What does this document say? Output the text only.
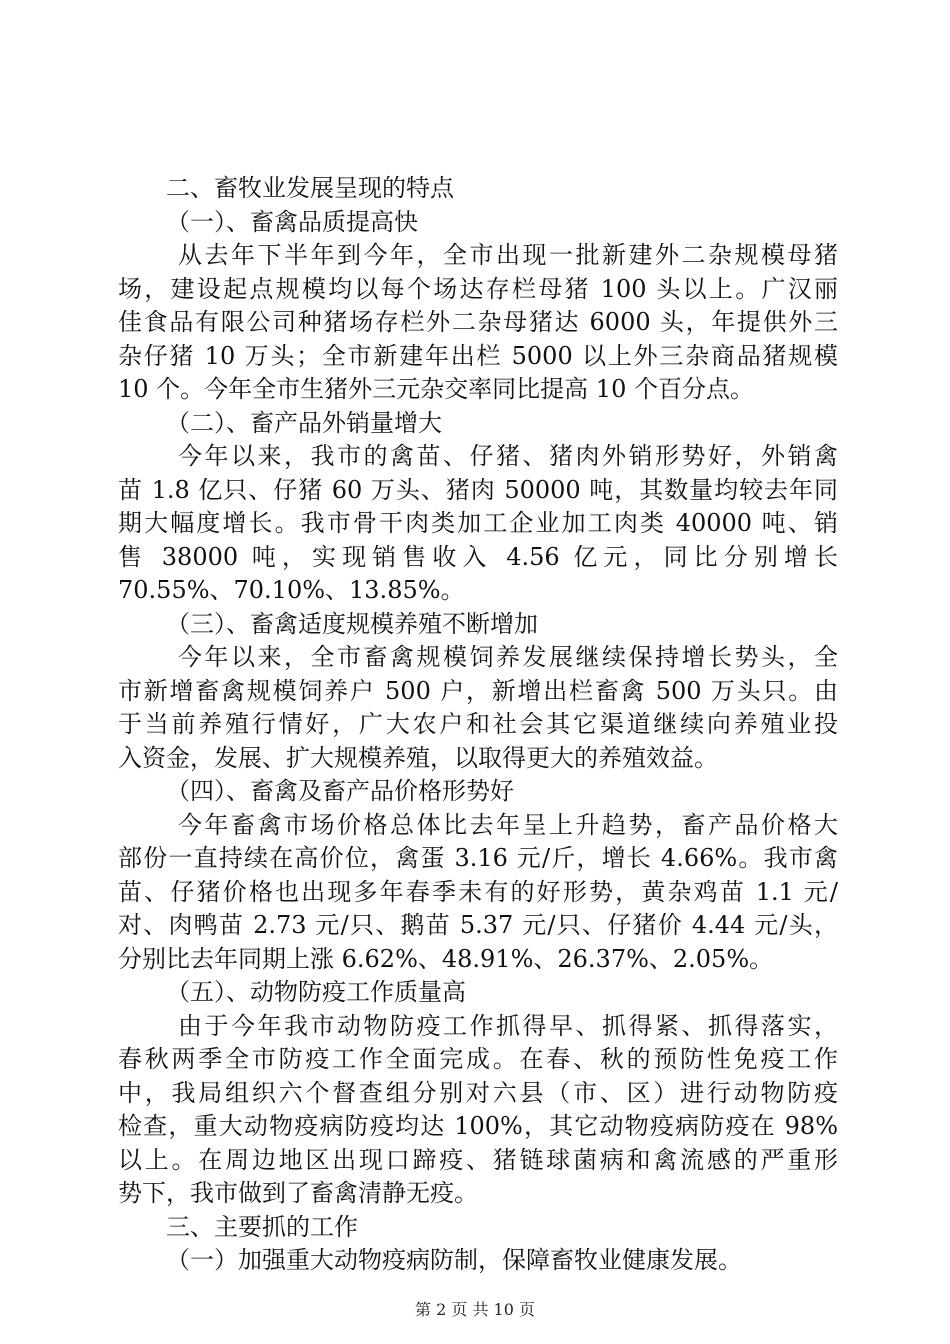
二、畜牧业发展呈现的特点
（一）、畜禽品质提高快
从去年下半年到今年，全市出现一批新建外二杂规模母猪
场，建设起点规模均以每个场达存栏母猪 100 头以上。广汉丽
佳食品有限公司种猪场存栏外二杂母猪达 6000 头，年提供外三
杂仔猪 10 万头；全市新建年出栏 5000 以上外三杂商品猪规模
10 个。今年全市生猪外三元杂交率同比提高 10 个百分点。
（二）、畜产品外销量增大
今年以来，我市的禽苗、仔猪、猪肉外销形势好，外销禽
苗 1.8 亿只、仔猪 60 万头、猪肉 50000 吨，其数量均较去年同
期大幅度增长。我市骨干肉类加工企业加工肉类 40000 吨、销
售 38000 吨，实现销售收入 4.56 亿元，同比分别增长
70.55%、70.10%、13.85%。
（三）、畜禽适度规模养殖不断增加
今年以来，全市畜禽规模饲养发展继续保持增长势头，全
市新增畜禽规模饲养户 500 户，新增出栏畜禽 500 万头只。由
于当前养殖行情好，广大农户和社会其它渠道继续向养殖业投
入资金，发展、扩大规模养殖，以取得更大的养殖效益。
（四）、畜禽及畜产品价格形势好
今年畜禽市场价格总体比去年呈上升趋势，畜产品价格大
部份一直持续在高价位，禽蛋 3.16 元/斤，增长 4.66%。我市禽
苗、仔猪价格也出现多年春季未有的好形势，黄杂鸡苗 1.1 元/
对、肉鸭苗 2.73 元/只、鹅苗 5.37 元/只、仔猪价 4.44 元/头，
分别比去年同期上涨 6.62%、48.91%、26.37%、2.05%。
（五）、动物防疫工作质量高
由于今年我市动物防疫工作抓得早、抓得紧、抓得落实，
春秋两季全市防疫工作全面完成。在春、秋的预防性免疫工作
中，我局组织六个督查组分别对六县（市、区）进行动物防疫
检查，重大动物疫病防疫均达 100%，其它动物疫病防疫在 98%
以上。在周边地区出现口蹄疫、猪链球菌病和禽流感的严重形
势下，我市做到了畜禽清静无疫。
三、主要抓的工作
（一）加强重大动物疫病防制，保障畜牧业健康发展。
第 2 页 共 10 页
